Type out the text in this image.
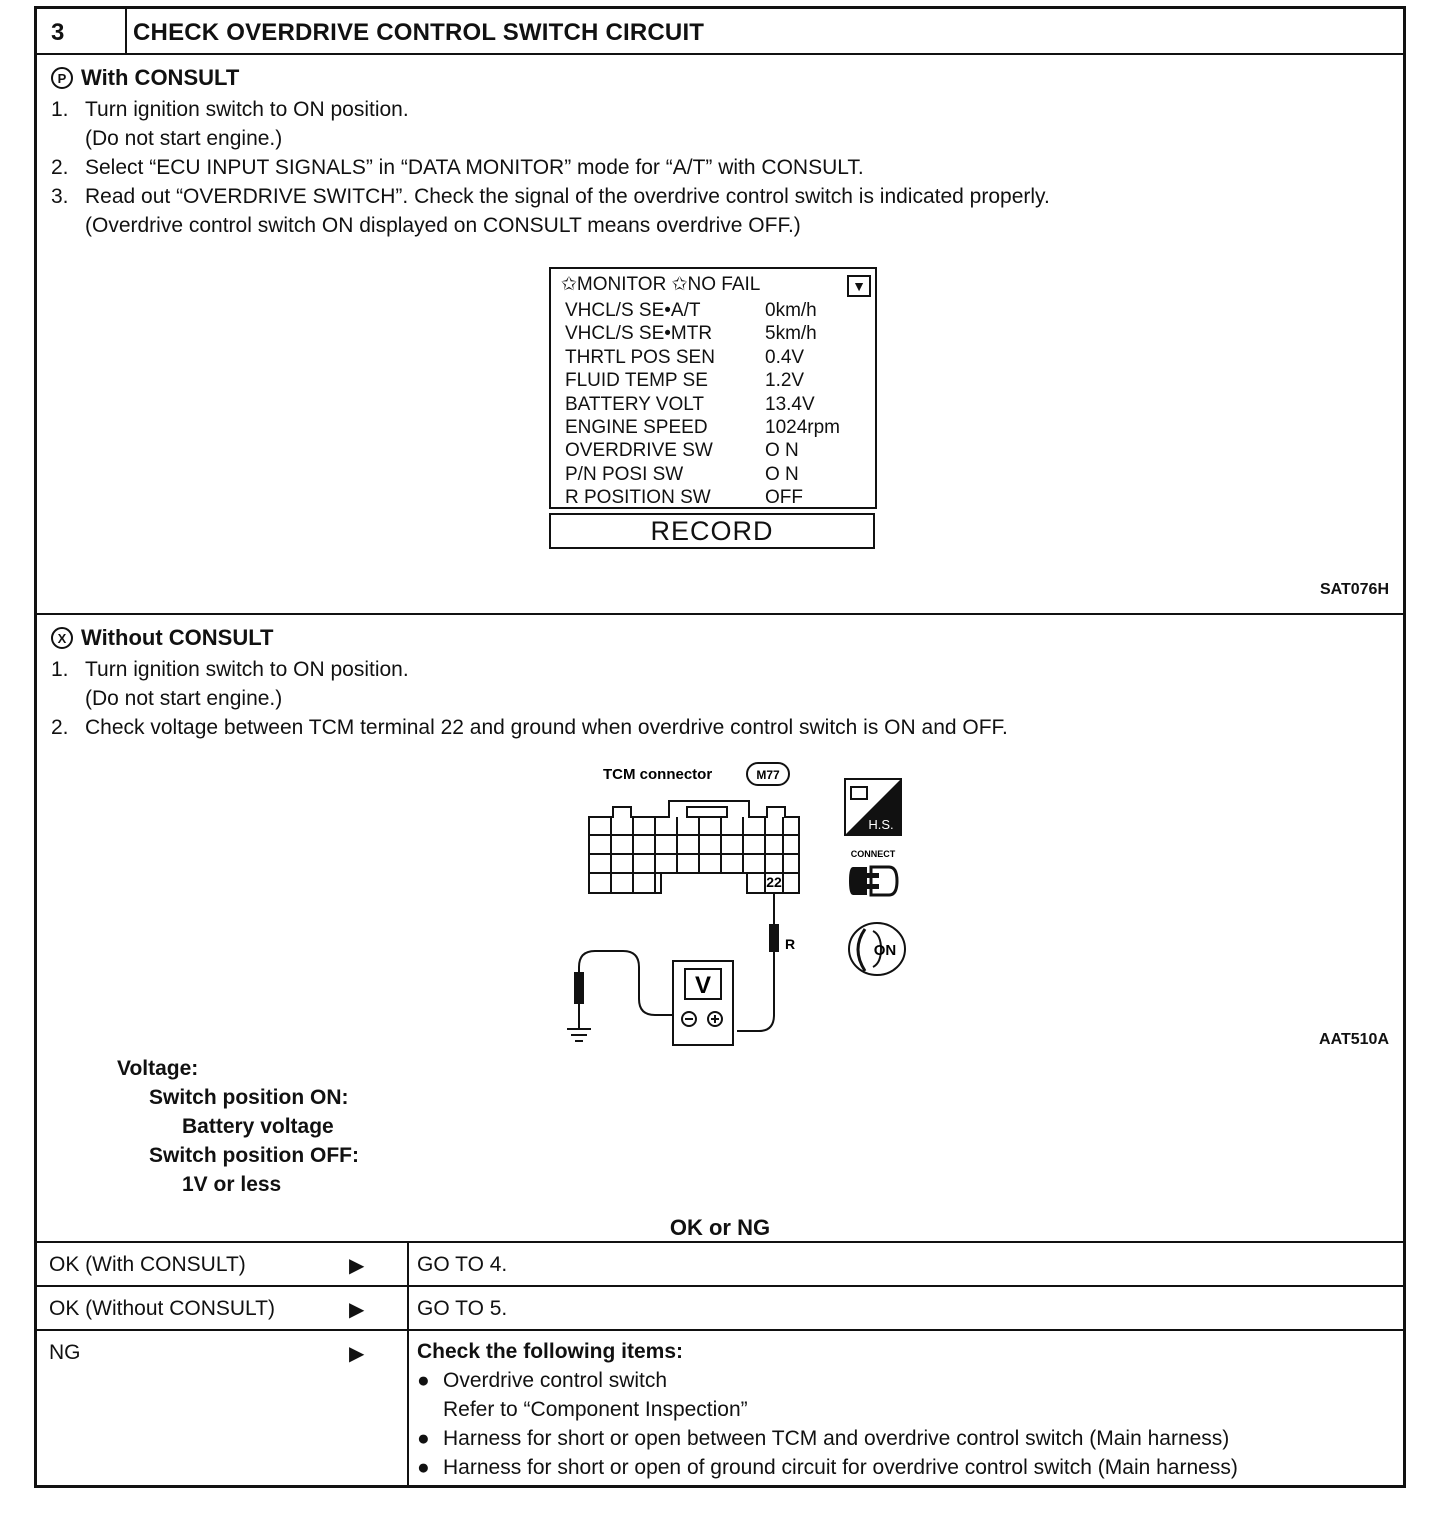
3	CHECK OVERDRIVE CONTROL SWITCH CIRCUIT
P With CONSULT
1. Turn ignition switch to ON position.
(Do not start engine.)
2. Select “ECU INPUT SIGNALS” in “DATA MONITOR” mode for “A/T” with CONSULT.
3. Read out “OVERDRIVE SWITCH”. Check the signal of the overdrive control switch is indicated properly.
(Overdrive control switch ON displayed on CONSULT means overdrive OFF.)
✩MONITOR ✩NO FAIL	▼
VHCL/S SE•A/T	0km/h
VHCL/S SE•MTR	5km/h
THRTL POS SEN	0.4V
FLUID TEMP SE	1.2V
BATTERY VOLT	13.4V
ENGINE SPEED	1024rpm
OVERDRIVE SW	O N
P/N POSI SW	O N
R POSITION SW	OFF
RECORD
SAT076H
X Without CONSULT
1. Turn ignition switch to ON position.
(Do not start engine.)
2. Check voltage between TCM terminal 22 and ground when overdrive control switch is ON and OFF.
TCM connector	M77
22
V
R
H.S.
CONNECT
ON
AAT510A
Voltage:
Switch position ON:
Battery voltage
Switch position OFF:
1V or less
OK or NG
OK (With CONSULT)	▶	GO TO 4.
OK (Without CONSULT)	▶	GO TO 5.
NG	▶	Check the following items:
● Overdrive control switch
Refer to “Component Inspection”
● Harness for short or open between TCM and overdrive control switch (Main harness)
● Harness for short or open of ground circuit for overdrive control switch (Main harness)
